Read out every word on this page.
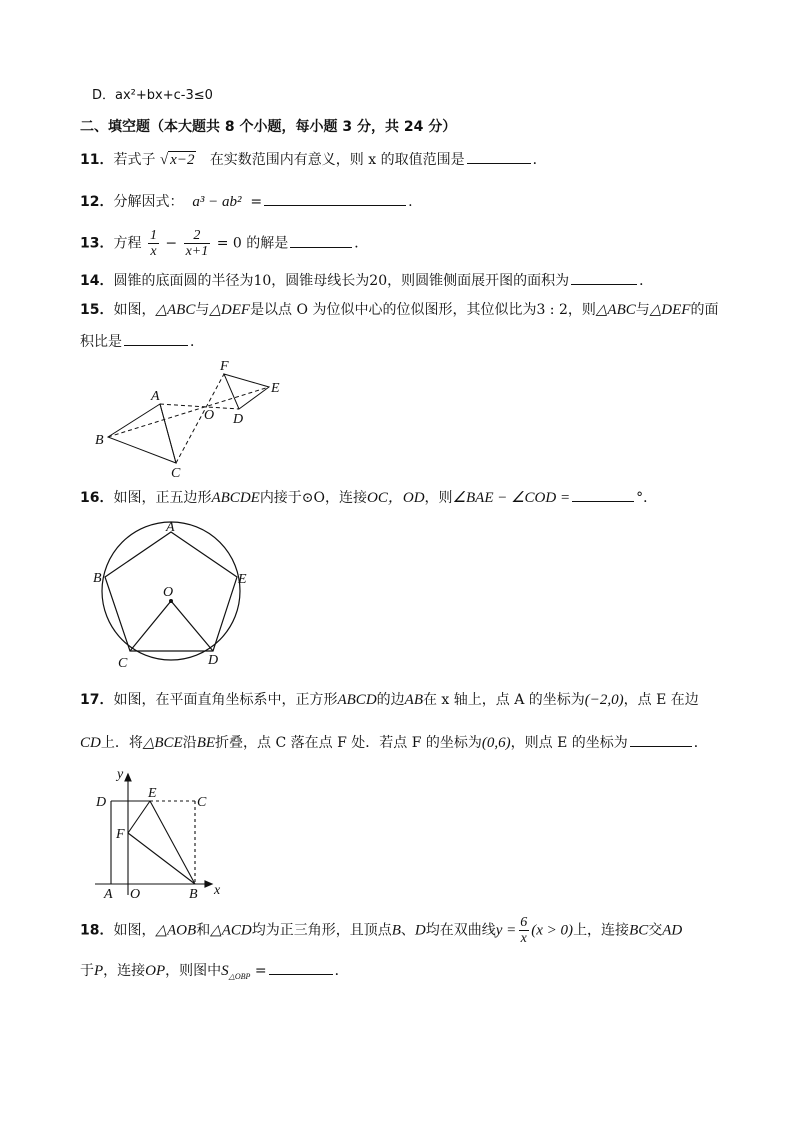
D．ax²+bx+c-3≤0
二、填空题（本大题共 8 个小题，每小题 3 分，共 24 分）
11．若式子 √ x−2 在实数范围内有意义，则 x 的取值范围是	．
12．分解因式： a³ − ab² =	.
13．方程 $\frac{1}{x} - \frac{2}{x+1} = 0$ 的解是	．
14．圆锥的底面圆的半径为10，圆锥母线长为20，则圆锥侧面展开图的面积为	．
15．如图，△ABC与△DEF是以点 O 为位似中心的位似图形，其位似比为3 : 2，则△ABC与△DEF的面
积比是	．
A
B
C
D
E
F
O
16．如图，正五边形ABCDE内接于⊙O，连接OC，OD，则∠BAE − ∠COD =	°．
A
B
C	D
E
O
17．如图，在平面直角坐标系中，正方形ABCD的边AB在 x 轴上，点 A 的坐标为(−2,0)，点 E 在边
CD上．将△BCE沿BE折叠，点 C 落在点 F 处．若点 F 的坐标为(0,6)，则点 E 的坐标为	．
y
x
A O	B
C
D
E
F
18．如图，△AOB和△ACD均为正三角形，且顶点B、D均在双曲线$y = \frac{6}{x} (x > 0)$上，连接BC交AD
于P，连接OP，则图中$S_{\triangle OBP}$ =	．
